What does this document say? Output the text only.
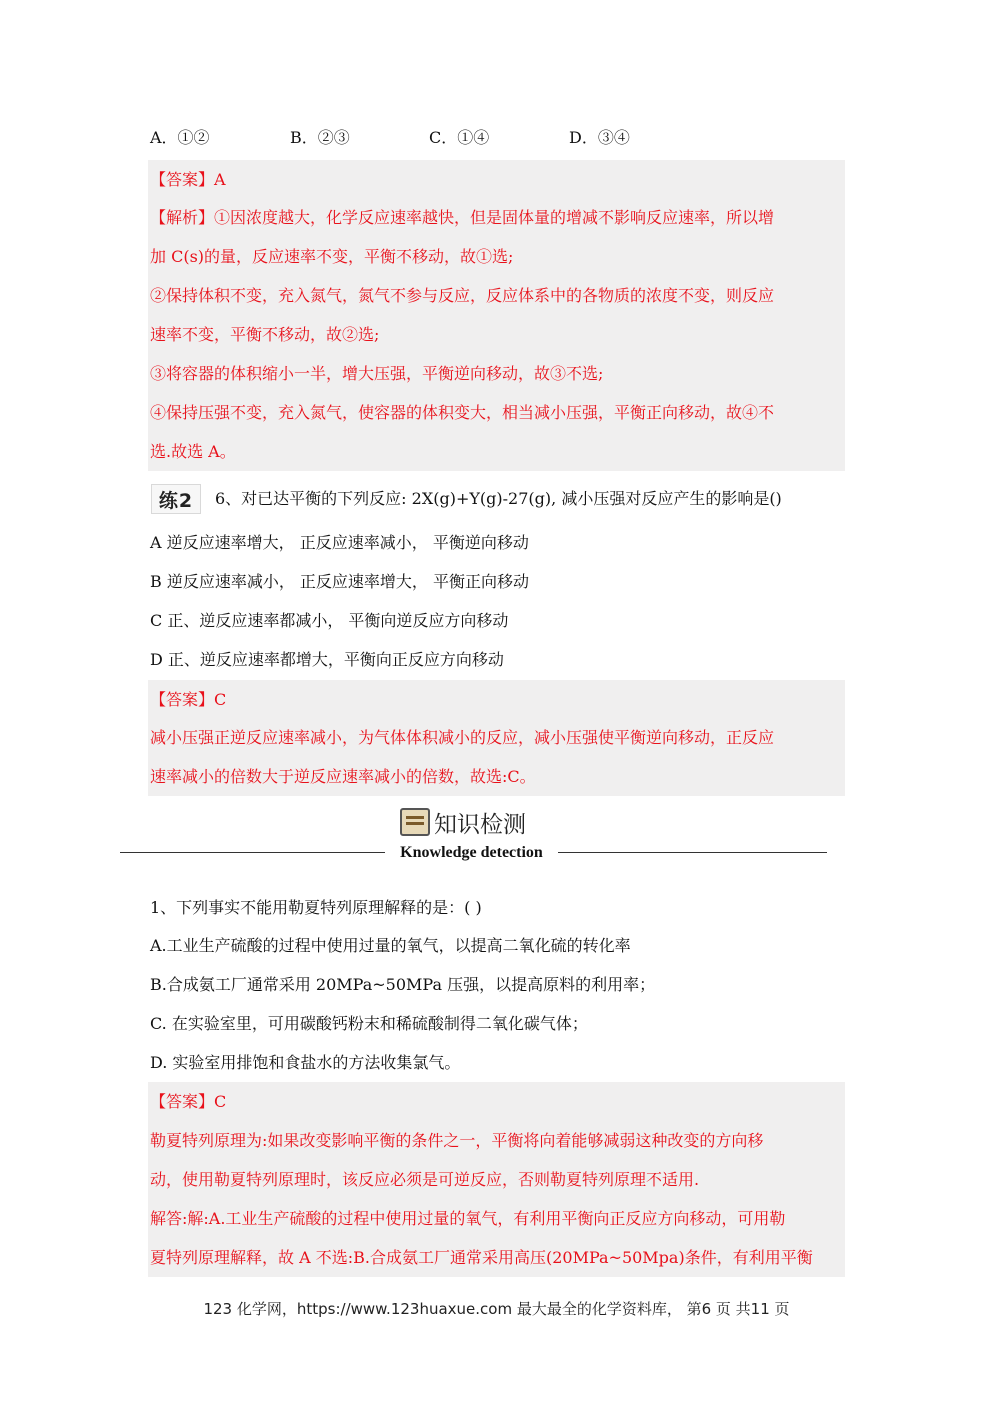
A．①②	B．②③	C．①④	D．③④
【答案】A
【解析】①因浓度越大，化学反应速率越快，但是固体量的增减不影响反应速率，所以增
加 C(s)的量，反应速率不变，平衡不移动，故①选;
②保持体积不变，充入氮气，氮气不参与反应，反应体系中的各物质的浓度不变，则反应
速率不变，平衡不移动，故②选;
③将容器的体积缩小一半，增大压强，平衡逆向移动，故③不选;
④保持压强不变，充入氮气，使容器的体积变大，相当减小压强，平衡正向移动，故④不
选.故选 A。
练2	6、对已达平衡的下列反应: 2X(g)+Y(g)-27(g), 减小压强对反应产生的影响是()
A 逆反应速率增大， 正反应速率减小， 平衡逆向移动
B 逆反应速率减小， 正反应速率增大， 平衡正向移动
C 正、逆反应速率都减小， 平衡向逆反应方向移动
D 正、逆反应速率都增大，平衡向正反应方向移动
【答案】C
减小压强正逆反应速率减小，为气体体积减小的反应，减小压强使平衡逆向移动，正反应
速率减小的倍数大于逆反应速率减小的倍数，故选:C。
知识检测
Knowledge detection
1、下列事实不能用勒夏特列原理解释的是：( )
A.工业生产硫酸的过程中使用过量的氧气，以提高二氧化硫的转化率
B.合成氨工厂通常采用 20MPa~50MPa 压强，以提高原料的利用率；
C. 在实验室里，可用碳酸钙粉末和稀硫酸制得二氧化碳气体；
D. 实验室用排饱和食盐水的方法收集氯气。
【答案】C
勒夏特列原理为:如果改变影响平衡的条件之一，平衡将向着能够减弱这种改变的方向移
动，使用勒夏特列原理时，该反应必须是可逆反应，否则勒夏特列原理不适用.
解答:解:A.工业生产硫酸的过程中使用过量的氧气，有利用平衡向正反应方向移动，可用勒
夏特列原理解释，故 A 不选:B.合成氨工厂通常采用高压(20MPa~50Mpa)条件，有利用平衡
123 化学网，https://www.123huaxue.com 最大最全的化学资料库， 第6 页 共11 页
